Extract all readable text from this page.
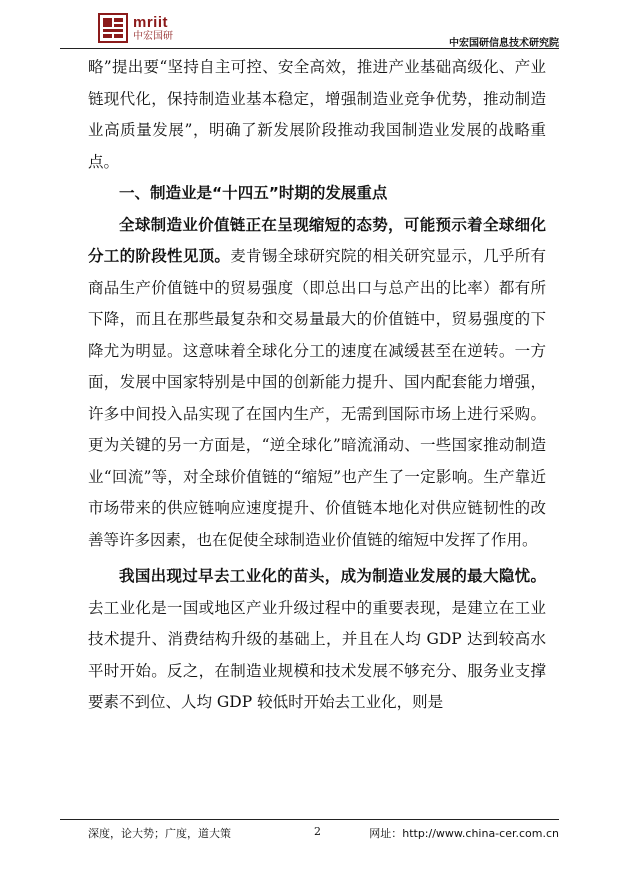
mriit
中宏国研
中宏国研信息技术研究院

略”提出要“坚持自主可控、安全高效，推进产业基础高级化、产业链现代化，保持制造业基本稳定，增强制造业竞争优势，推动制造业高质量发展”，明确了新发展阶段推动我国制造业发展的战略重点。

一、制造业是“十四五”时期的发展重点

全球制造业价值链正在呈现缩短的态势，可能预示着全球细化分工的阶段性见顶。麦肯锡全球研究院的相关研究显示，几乎所有商品生产价值链中的贸易强度（即总出口与总产出的比率）都有所下降，而且在那些最复杂和交易量最大的价值链中，贸易强度的下降尤为明显。这意味着全球化分工的速度在减缓甚至在逆转。一方面，发展中国家特别是中国的创新能力提升、国内配套能力增强，许多中间投入品实现了在国内生产，无需到国际市场上进行采购。更为关键的另一方面是，“逆全球化”暗流涌动、一些国家推动制造业“回流”等，对全球价值链的“缩短”也产生了一定影响。生产靠近市场带来的供应链响应速度提升、价值链本地化对供应链韧性的改善等许多因素，也在促使全球制造业价值链的缩短中发挥了作用。

我国出现过早去工业化的苗头，成为制造业发展的最大隐忧。去工业化是一国或地区产业升级过程中的重要表现，是建立在工业技术提升、消费结构升级的基础上，并且在人均 GDP 达到较高水平时开始。反之，在制造业规模和技术发展不够充分、服务业支撑要素不到位、人均 GDP 较低时开始去工业化，则是

深度，论大势；广度，道大策	2	网址：http://www.china-cer.com.cn
